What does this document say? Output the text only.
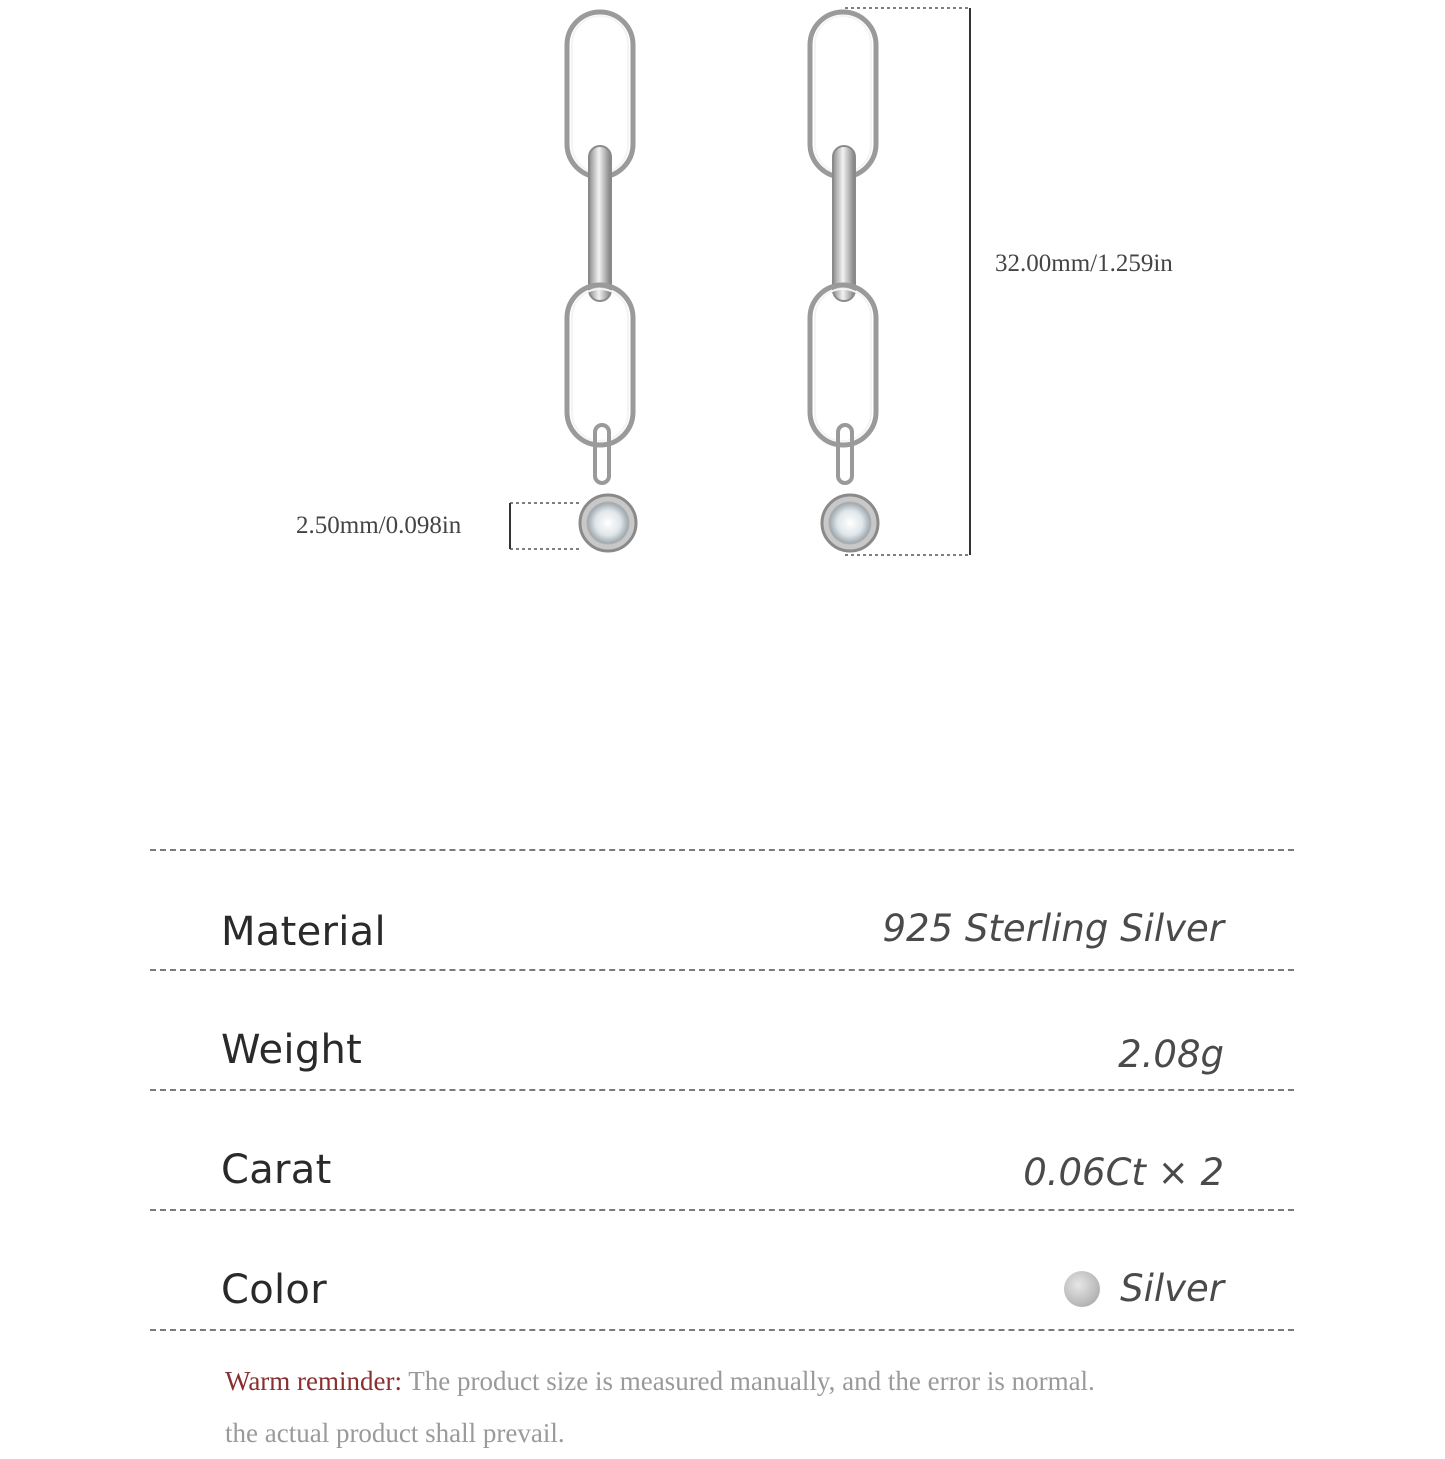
32.00mm/1.259in
2.50mm/0.098in
Material	925 Sterling Silver
Weight	2.08g
Carat	0.06Ct × 2
Color	Silver
Warm reminder: The product size is measured manually, and the error is normal.
the actual product shall prevail.
